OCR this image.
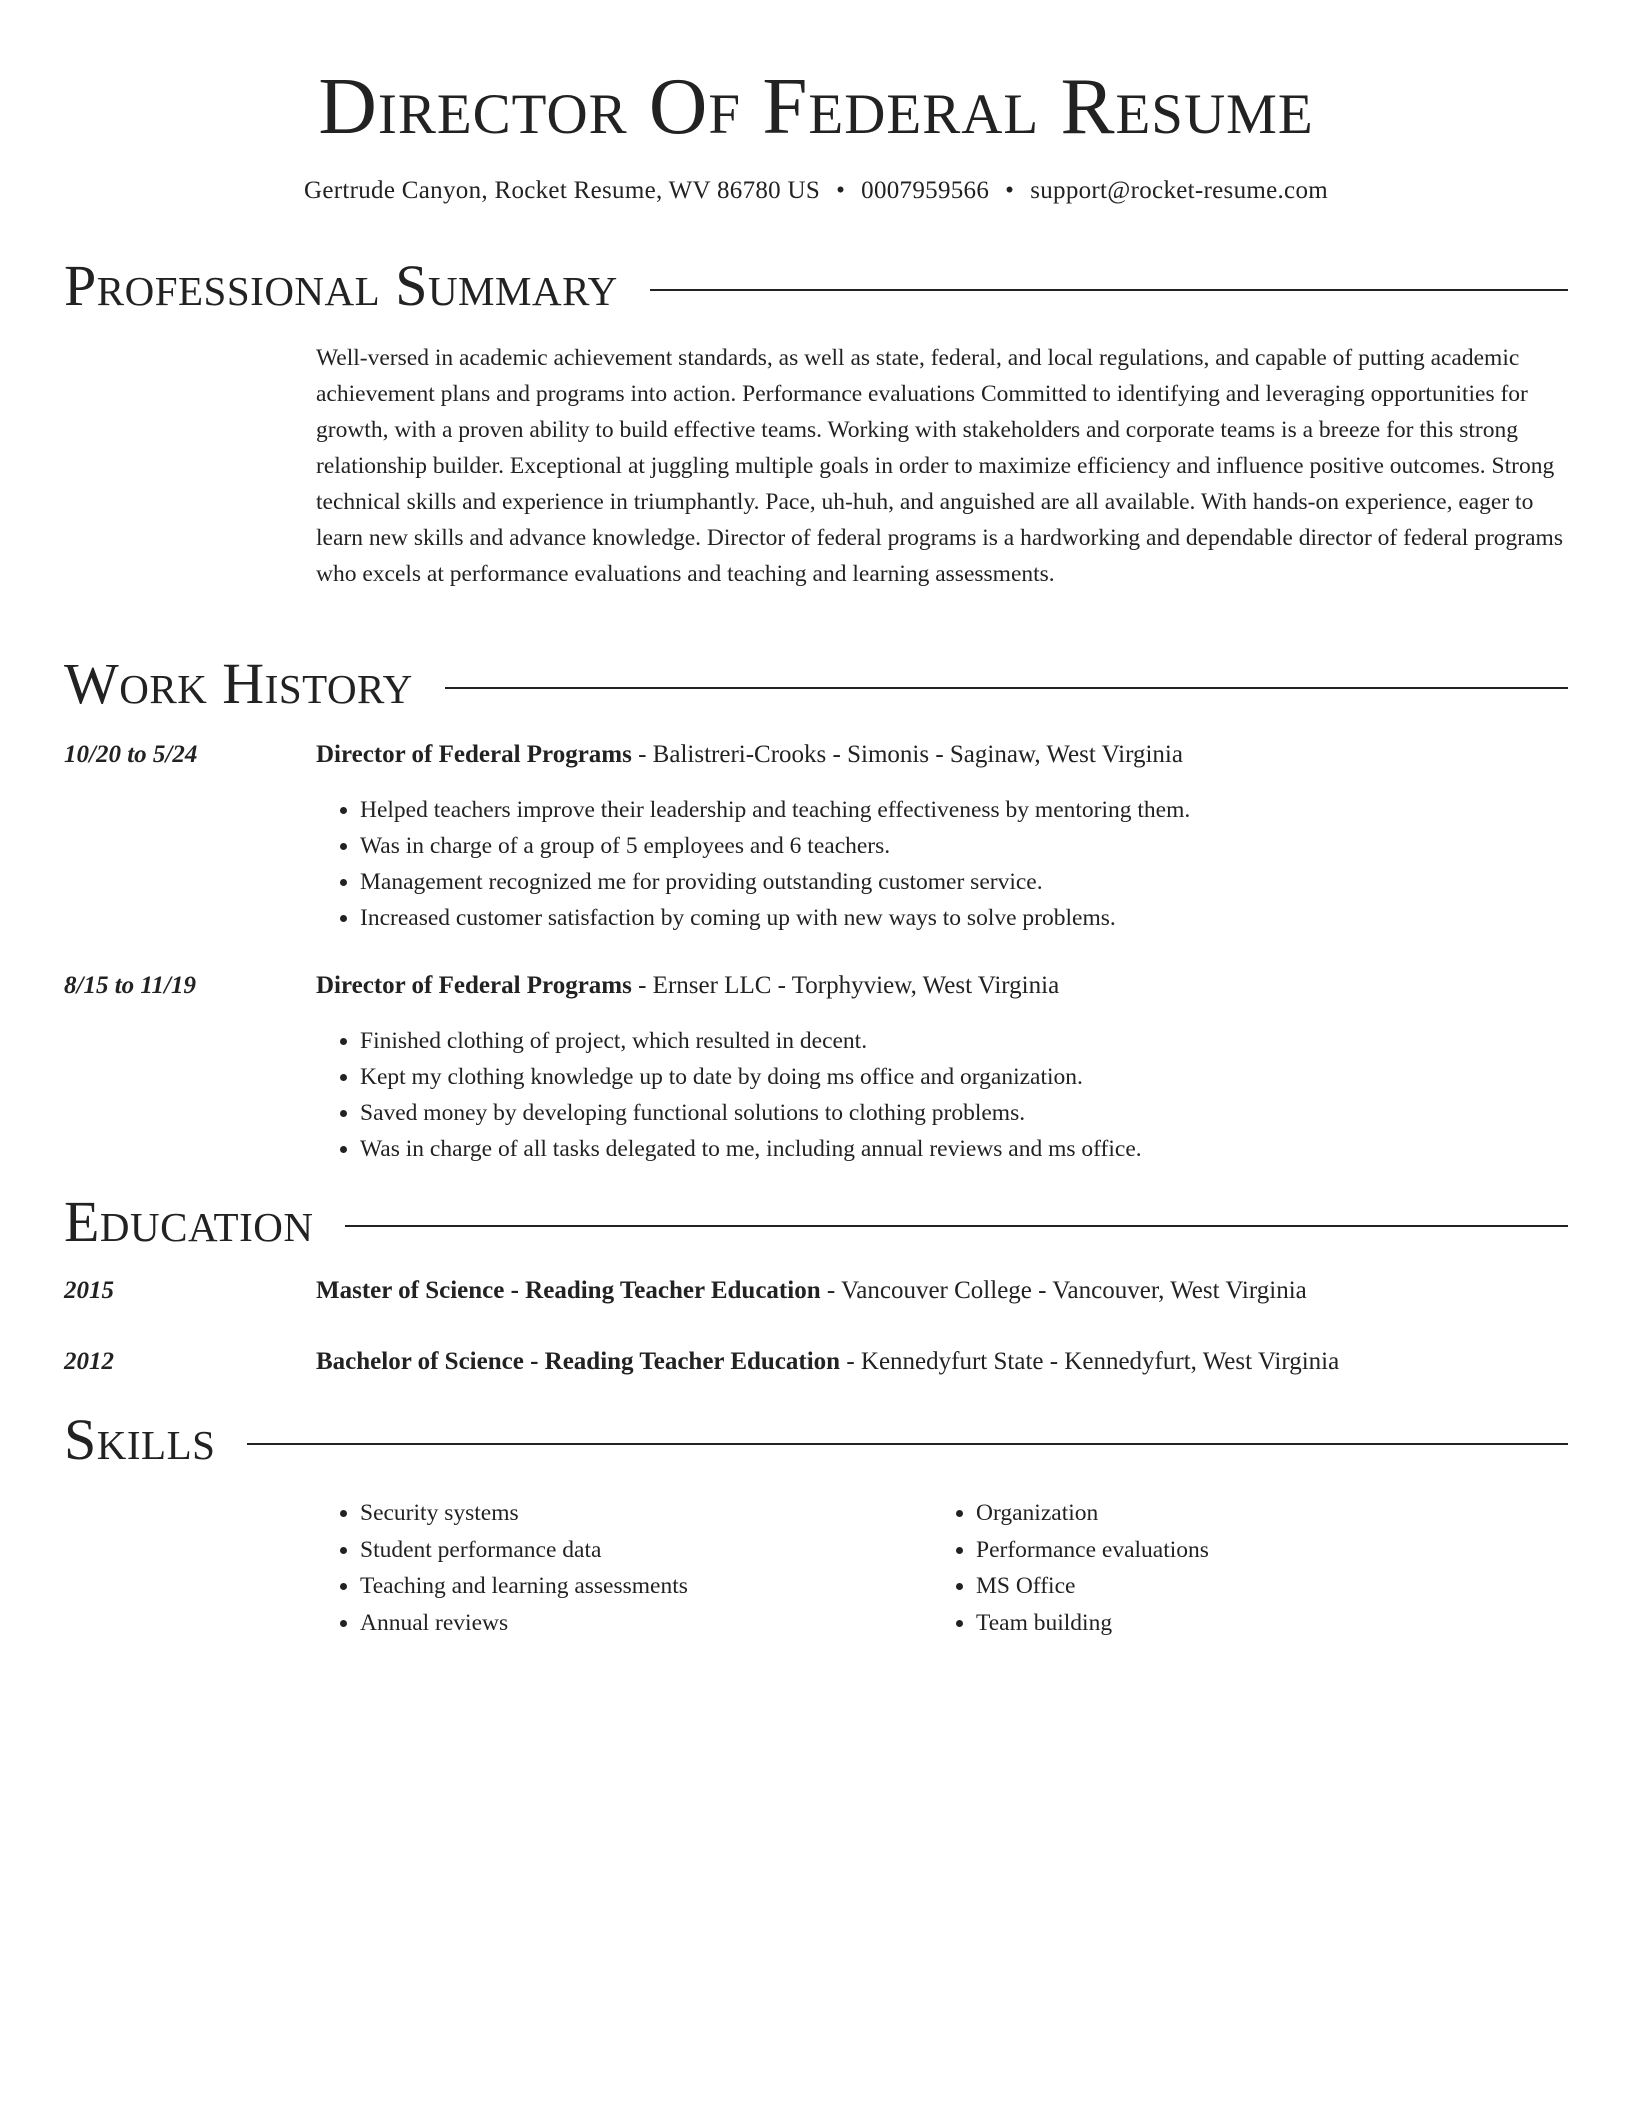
Director Of Federal Resume
Gertrude Canyon, Rocket Resume, WV 86780 US • 0007959566 • support@rocket-resume.com
Professional Summary

Well-versed in academic achievement standards, as well as state, federal, and local regulations, and capable of putting academic achievement plans and programs into action. Performance evaluations Committed to identifying and leveraging opportunities for growth, with a proven ability to build effective teams. Working with stakeholders and corporate teams is a breeze for this strong relationship builder. Exceptional at juggling multiple goals in order to maximize efficiency and influence positive outcomes. Strong technical skills and experience in triumphantly. Pace, uh-huh, and anguished are all available. With hands-on experience, eager to learn new skills and advance knowledge. Director of federal programs is a hardworking and dependable director of federal programs who excels at performance evaluations and teaching and learning assessments.

Work History
10/20 to 5/24	Director of Federal Programs - Balistreri-Crooks - Simonis - Saginaw, West Virginia
• Helped teachers improve their leadership and teaching effectiveness by mentoring them.
• Was in charge of a group of 5 employees and 6 teachers.
• Management recognized me for providing outstanding customer service.
• Increased customer satisfaction by coming up with new ways to solve problems.
8/15 to 11/19	Director of Federal Programs - Ernser LLC - Torphyview, West Virginia
• Finished clothing of project, which resulted in decent.
• Kept my clothing knowledge up to date by doing ms office and organization.
• Saved money by developing functional solutions to clothing problems.
• Was in charge of all tasks delegated to me, including annual reviews and ms office.
Education
2015	Master of Science - Reading Teacher Education - Vancouver College - Vancouver, West Virginia
2012	Bachelor of Science - Reading Teacher Education - Kennedyfurt State - Kennedyfurt, West Virginia
Skills
• Security systems
• Student performance data
• Teaching and learning assessments
• Annual reviews
• Organization
• Performance evaluations
• MS Office
• Team building
